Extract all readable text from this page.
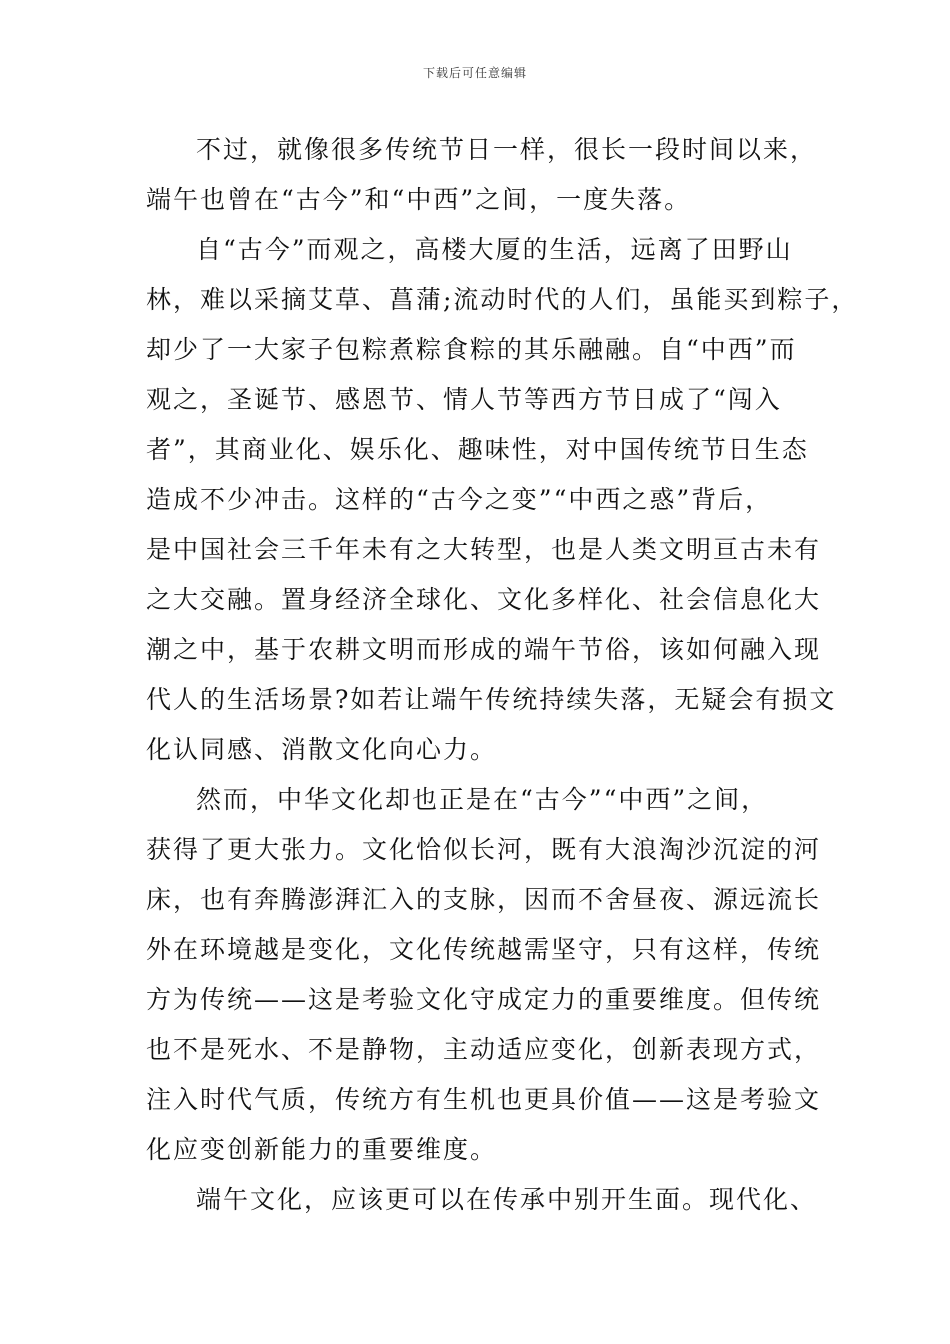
下载后可任意编辑
不过，就像很多传统节日一样，很长一段时间以来，
端午也曾在“古今”和“中西”之间，一度失落。
自“古今”而观之，高楼大厦的生活，远离了田野山
林，难以采摘艾草、菖蒲;流动时代的人们，虽能买到粽子，
却少了一大家子包粽煮粽食粽的其乐融融。自“中西”而
观之，圣诞节、感恩节、情人节等西方节日成了“闯入
者”，其商业化、娱乐化、趣味性，对中国传统节日生态
造成不少冲击。这样的“古今之变”“中西之惑”背后，
是中国社会三千年未有之大转型，也是人类文明亘古未有
之大交融。置身经济全球化、文化多样化、社会信息化大
潮之中，基于农耕文明而形成的端午节俗，该如何融入现
代人的生活场景?如若让端午传统持续失落，无疑会有损文
化认同感、消散文化向心力。
然而，中华文化却也正是在“古今”“中西”之间，
获得了更大张力。文化恰似长河，既有大浪淘沙沉淀的河
床，也有奔腾澎湃汇入的支脉，因而不舍昼夜、源远流长
外在环境越是变化，文化传统越需坚守，只有这样，传统
方为传统——这是考验文化守成定力的重要维度。但传统
也不是死水、不是静物，主动适应变化，创新表现方式，
注入时代气质，传统方有生机也更具价值——这是考验文
化应变创新能力的重要维度。
端午文化，应该更可以在传承中别开生面。现代化、
